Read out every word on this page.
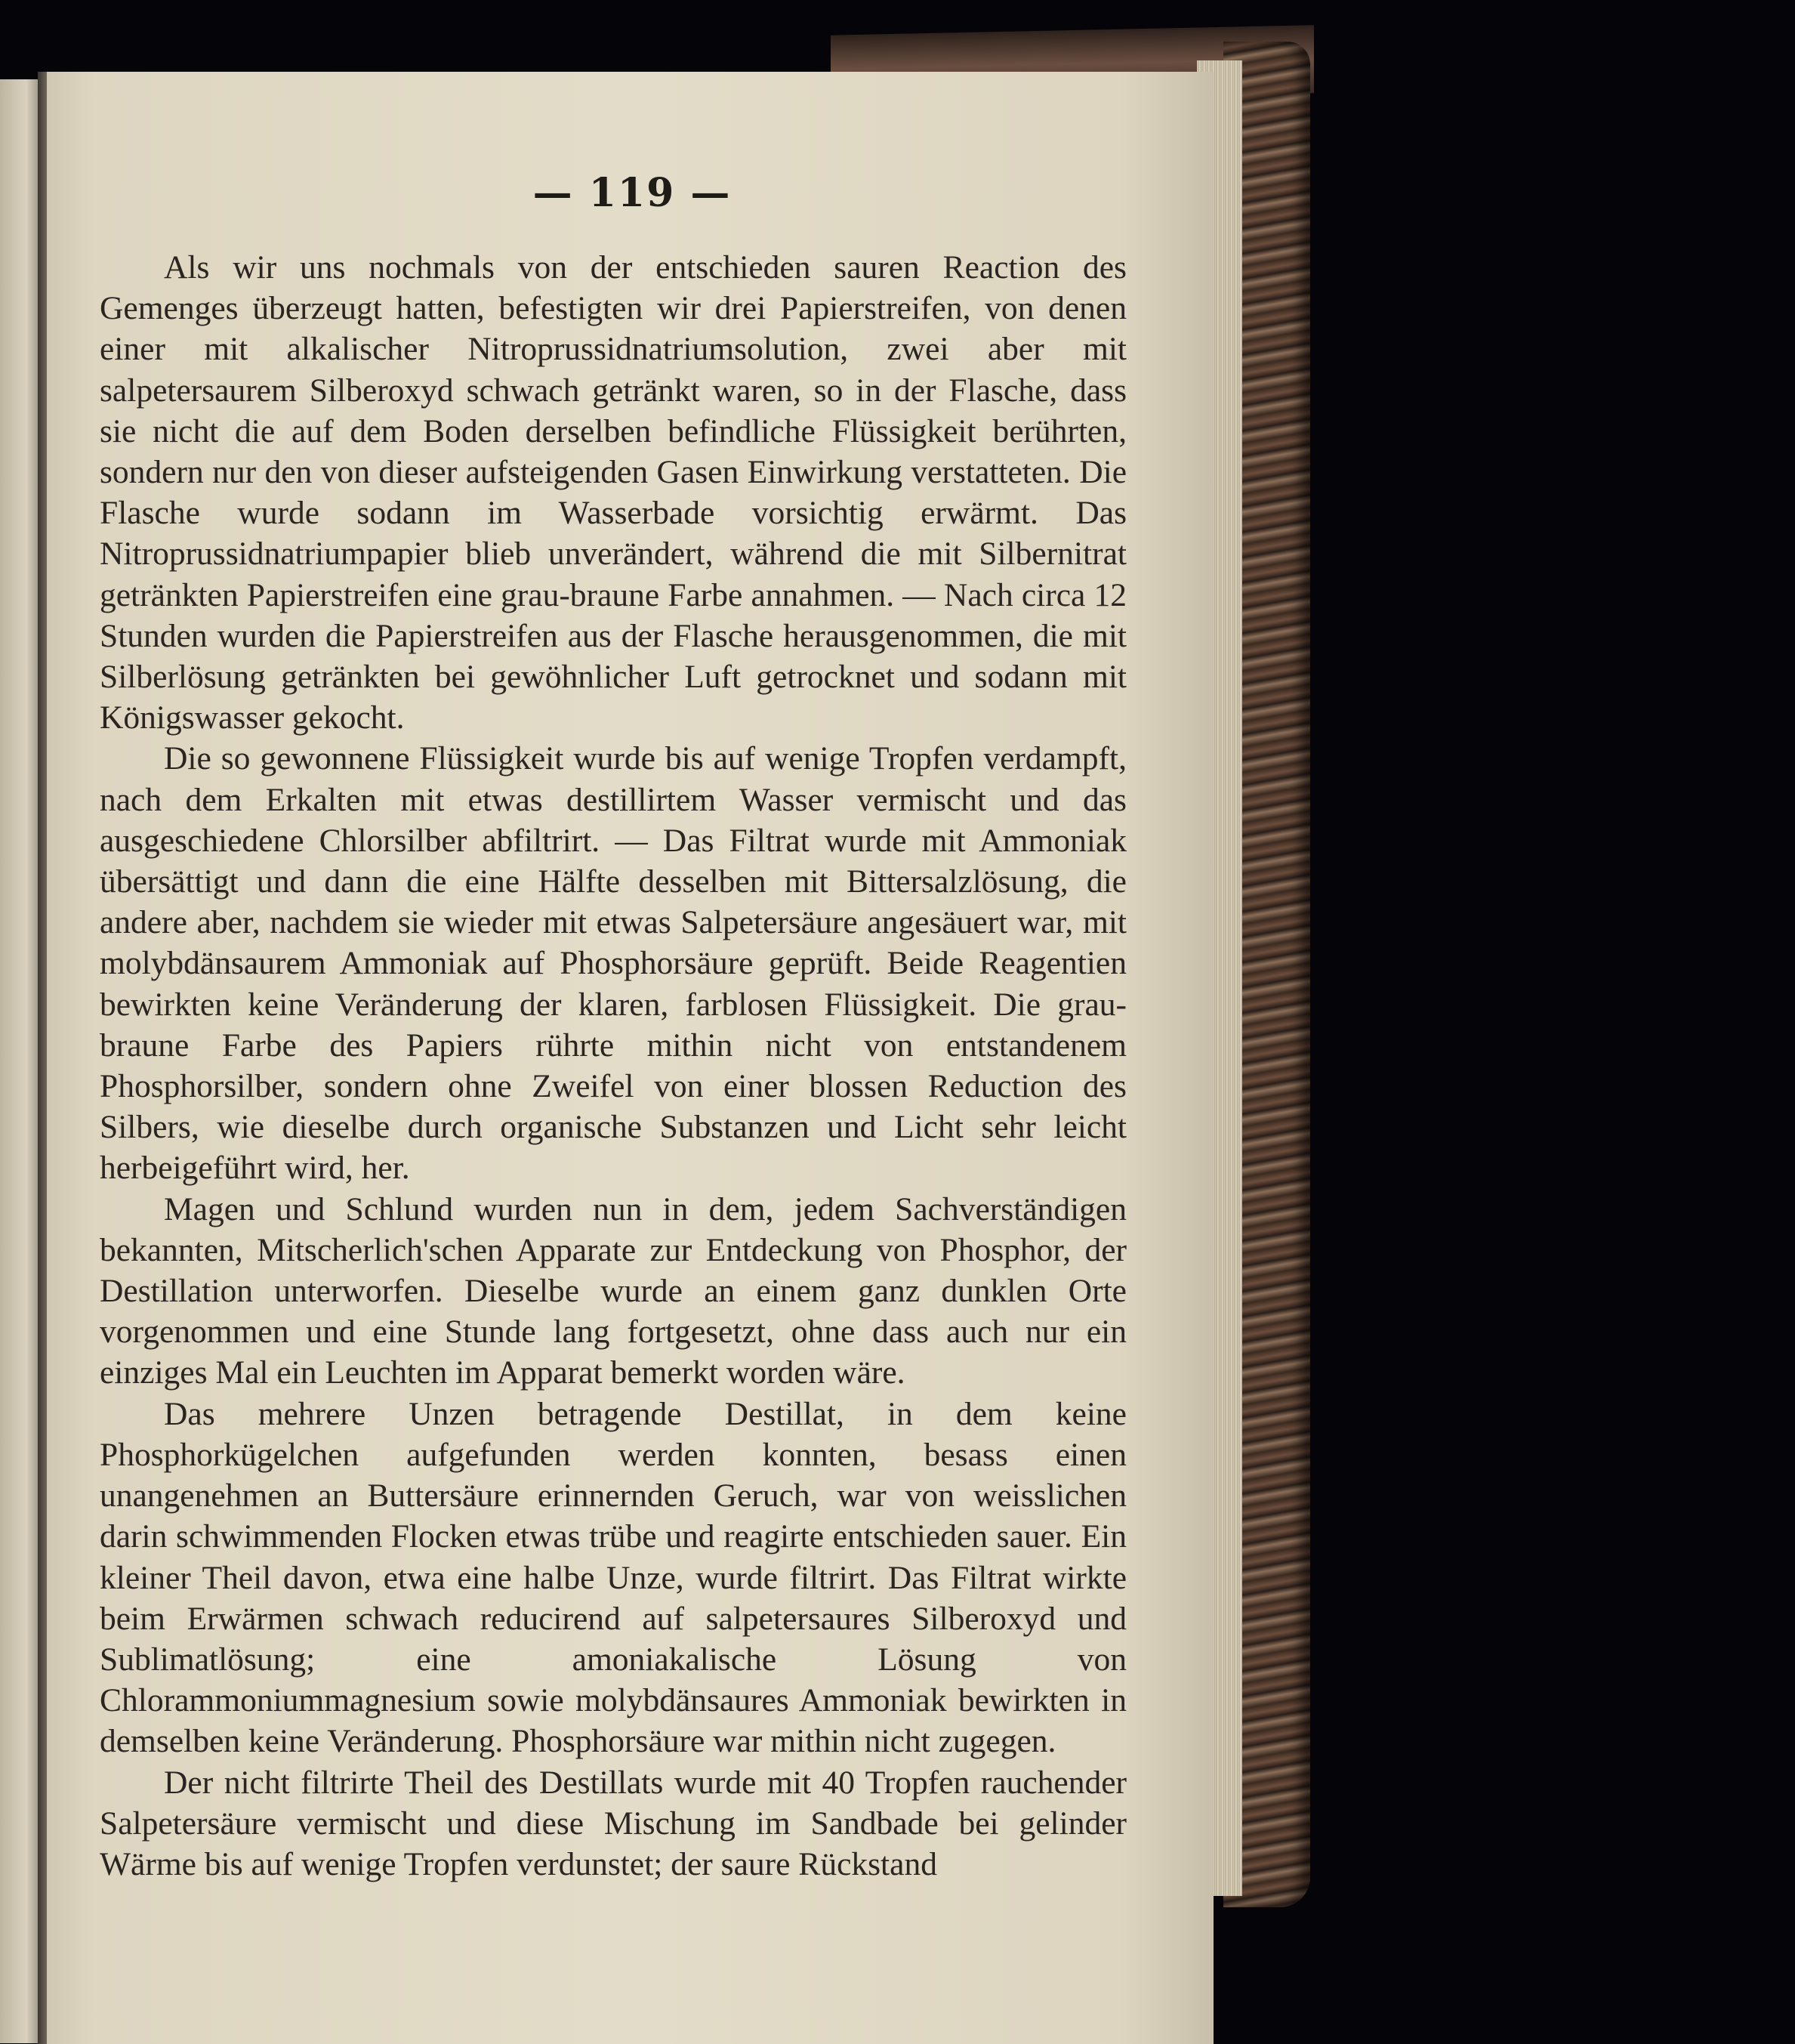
— 119 —

Als wir uns nochmals von der entschieden sauren Reaction des Gemenges überzeugt hatten, befestigten wir drei Papierstreifen, von denen einer mit alkalischer Nitroprussidnatriumsolution, zwei aber mit salpetersaurem Silberoxyd schwach getränkt waren, so in der Flasche, dass sie nicht die auf dem Boden derselben befindliche Flüssigkeit berührten, sondern nur den von dieser aufsteigenden Gasen Einwirkung verstatteten. Die Flasche wurde sodann im Wasserbade vorsichtig erwärmt. Das Nitroprussidnatriumpapier blieb unverändert, während die mit Silbernitrat getränkten Papierstreifen eine grau-braune Farbe annahmen. — Nach circa 12 Stunden wurden die Papierstreifen aus der Flasche herausgenommen, die mit Silberlösung getränkten bei gewöhnlicher Luft getrocknet und sodann mit Königswasser gekocht.

Die so gewonnene Flüssigkeit wurde bis auf wenige Tropfen verdampft, nach dem Erkalten mit etwas destillirtem Wasser vermischt und das ausgeschiedene Chlorsilber abfiltrirt. — Das Filtrat wurde mit Ammoniak übersättigt und dann die eine Hälfte desselben mit Bittersalzlösung, die andere aber, nachdem sie wieder mit etwas Salpetersäure angesäuert war, mit molybdänsaurem Ammoniak auf Phosphorsäure geprüft. Beide Reagentien bewirkten keine Veränderung der klaren, farblosen Flüssigkeit. Die grau-braune Farbe des Papiers rührte mithin nicht von entstandenem Phosphorsilber, sondern ohne Zweifel von einer blossen Reduction des Silbers, wie dieselbe durch organische Substanzen und Licht sehr leicht herbeigeführt wird, her.

Magen und Schlund wurden nun in dem, jedem Sachverständigen bekannten, Mitscherlich'schen Apparate zur Entdeckung von Phosphor, der Destillation unterworfen. Dieselbe wurde an einem ganz dunklen Orte vorgenommen und eine Stunde lang fortgesetzt, ohne dass auch nur ein einziges Mal ein Leuchten im Apparat bemerkt worden wäre.

Das mehrere Unzen betragende Destillat, in dem keine Phosphorkügelchen aufgefunden werden konnten, besass einen unangenehmen an Buttersäure erinnernden Geruch, war von weisslichen darin schwimmenden Flocken etwas trübe und reagirte entschieden sauer. Ein kleiner Theil davon, etwa eine halbe Unze, wurde filtrirt. Das Filtrat wirkte beim Erwärmen schwach reducirend auf salpetersaures Silberoxyd und Sublimatlösung; eine amoniakalische Lösung von Chlorammoniummagnesium sowie molybdänsaures Ammoniak bewirkten in demselben keine Veränderung. Phosphorsäure war mithin nicht zugegen.

Der nicht filtrirte Theil des Destillats wurde mit 40 Tropfen rauchender Salpetersäure vermischt und diese Mischung im Sandbade bei gelinder Wärme bis auf wenige Tropfen verdunstet; der saure Rückstand
